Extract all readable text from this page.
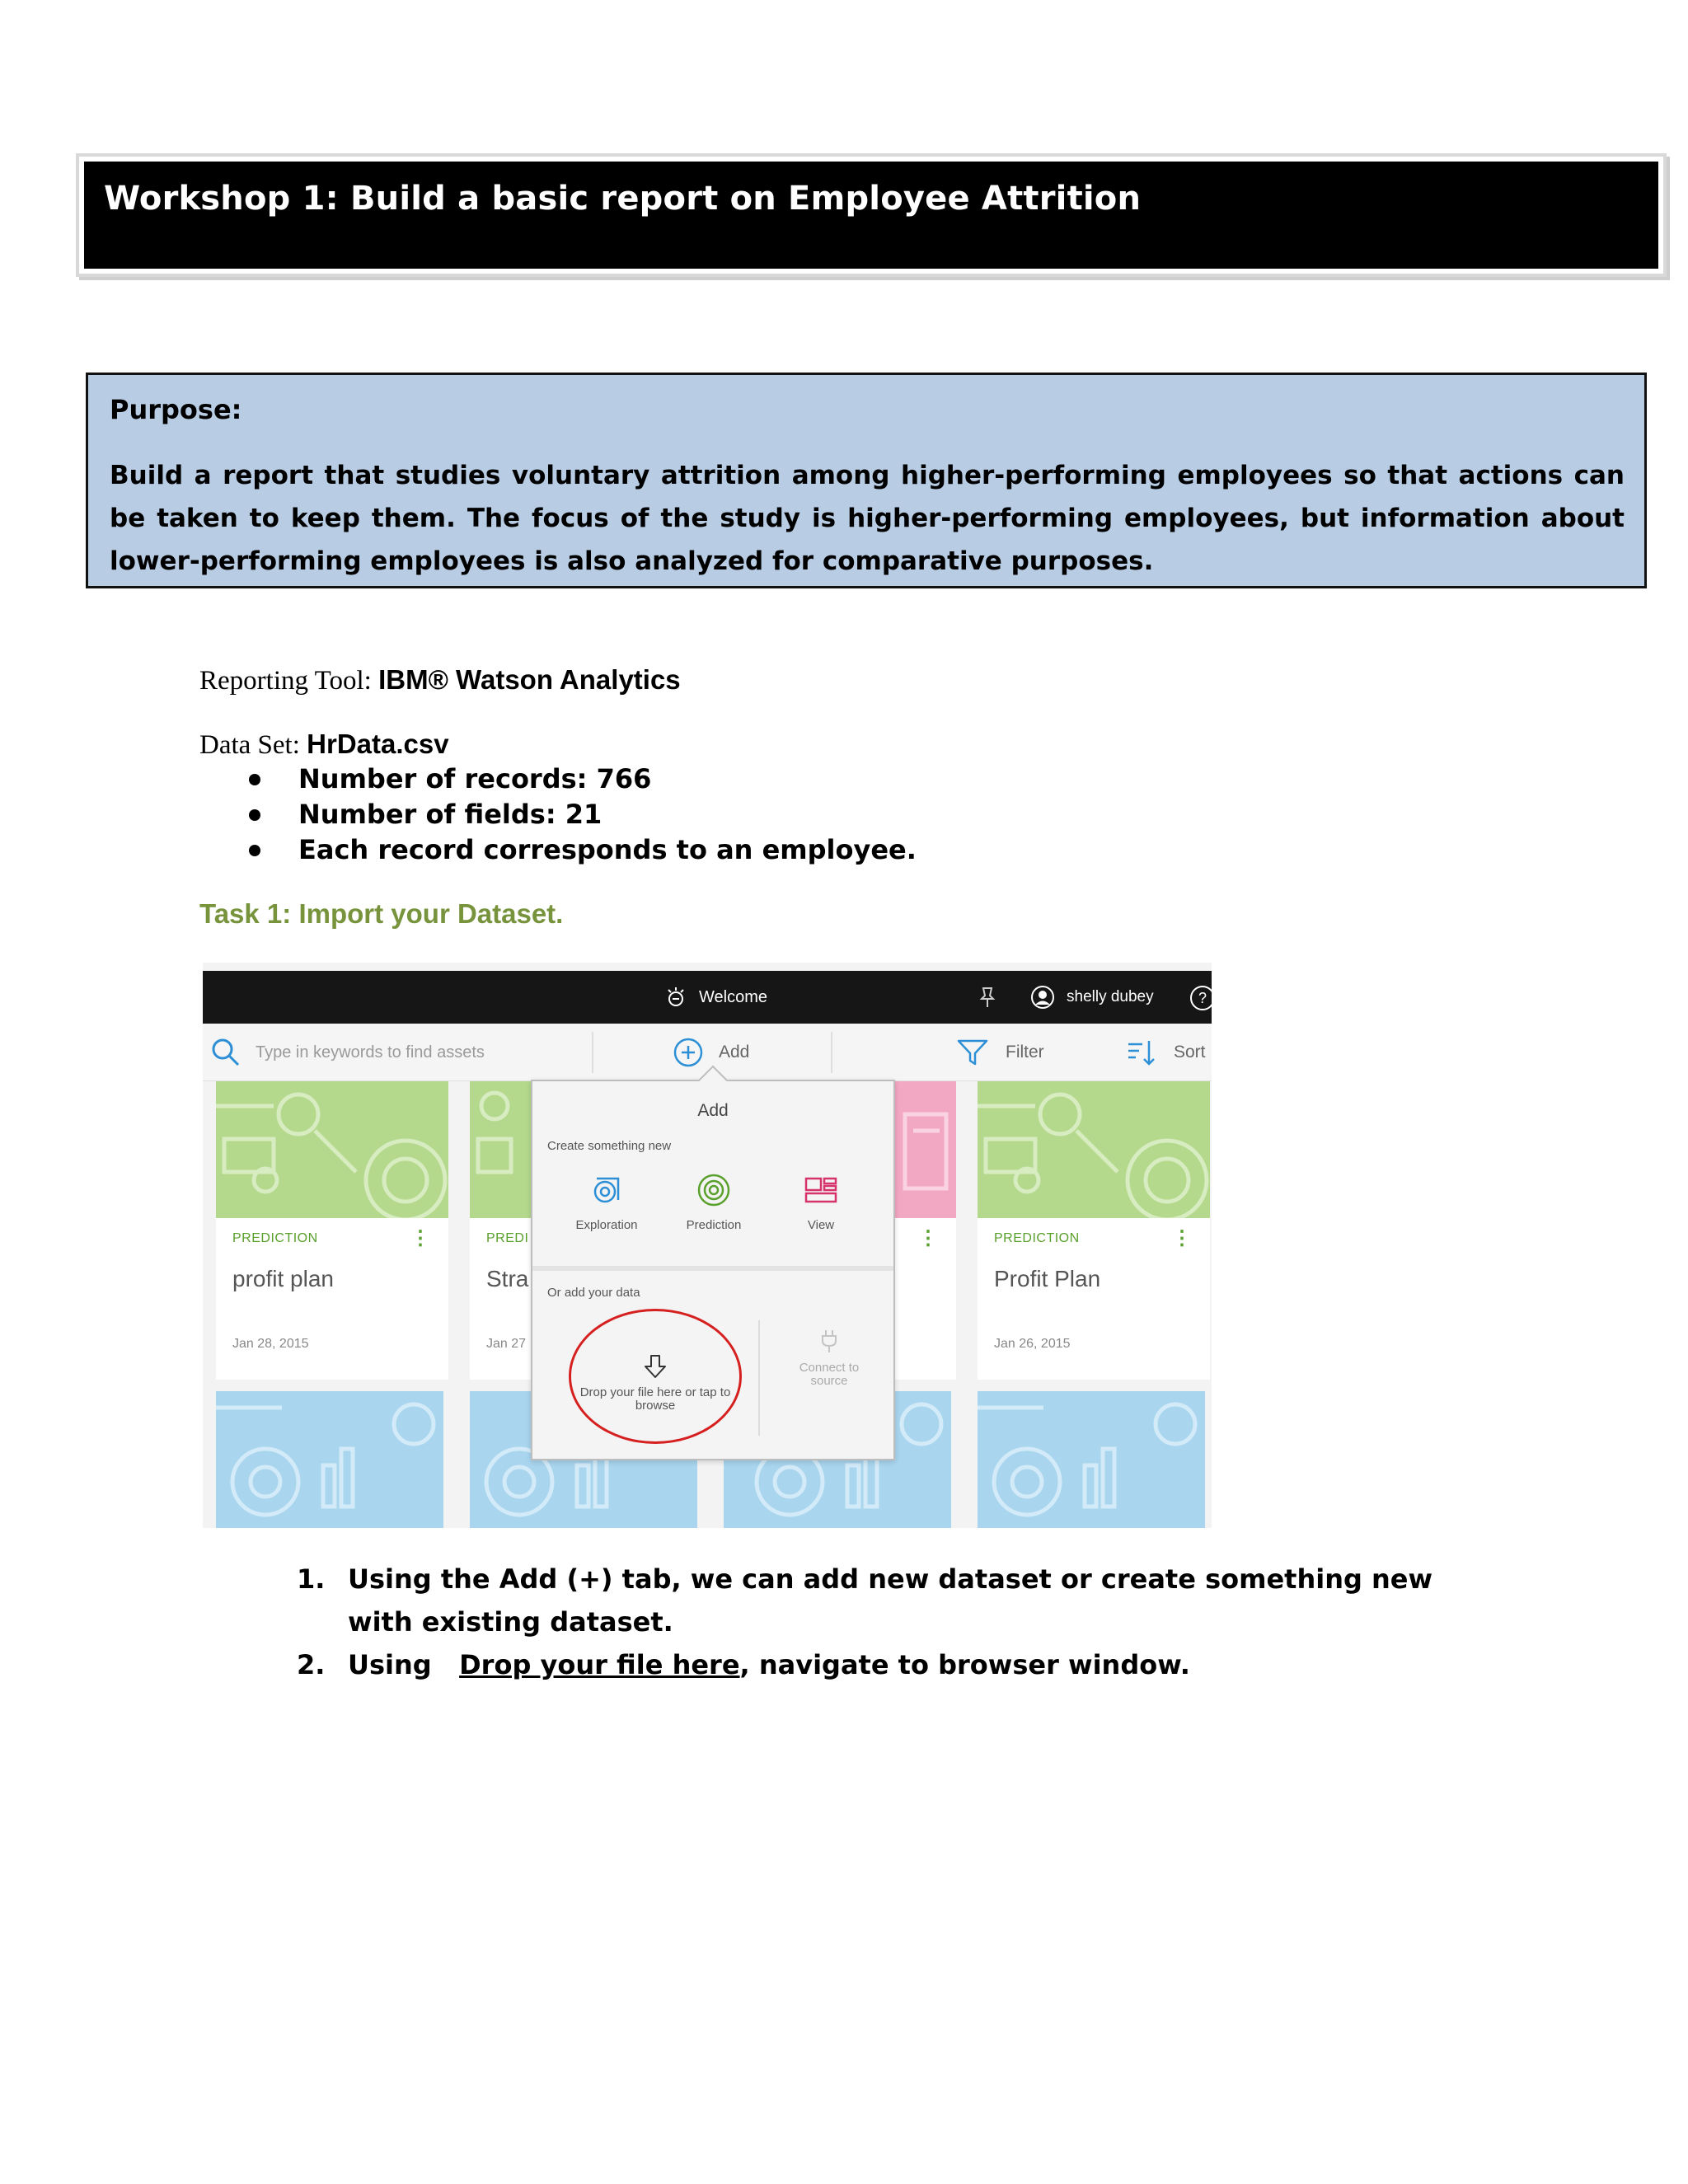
Workshop 1: Build a basic report on Employee Attrition
Purpose:
Build a report that studies voluntary attrition among higher-performing employees so that actions can be taken to keep them. The focus of the study is higher-performing employees, but information about lower-performing employees is also analyzed for comparative purposes.
Reporting Tool: IBM® Watson Analytics
Data Set: HrData.csv
Number of records: 766
Number of fields: 21
Each record corresponds to an employee.
Task 1: Import your Dataset.
Welcome	shelly dubey	?
Type in keywords to find assets	Add	Filter	Sort
PREDICTION	⋮
profit plan
Jan 28, 2015
PREDI
Stra
Jan 27
⋮	PREDICTION	⋮
Profit Plan
Jan 26, 2015
Add
Create something new
Exploration	Prediction	View
Or add your data
Drop your file here or tap to browse
Connect to source
1. Using the Add (+) tab, we can add new dataset or create something new with existing dataset.
2. Using   Drop your file here, navigate to browser window.
